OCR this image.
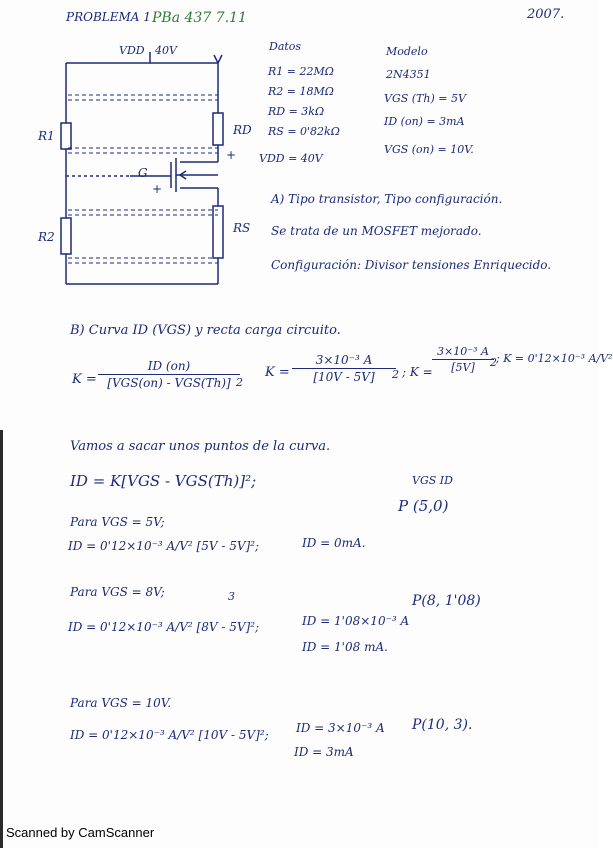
PROBLEMA 1 PBa 437 7.11	2007.
VDD 40V
R1
R2
RD
RS
G
+
+
Datos
R1 = 22MΩ
R2 = 18MΩ
RD = 3kΩ
RS = 0'82kΩ
VDD = 40V
Modelo
2N4351
VGS (Th) = 5V
ID (on) = 3mA
VGS (on) = 10V.
A) Tipo transistor, Tipo configuración.
Se trata de un MOSFET mejorado.
Configuración: Divisor tensiones Enriquecido.
B) Curva ID (VGS) y recta carga circuito.
K =
ID (on)
[VGS(on) - VGS(Th)] 2
$K = \frac{\text{3×10⁻³ A}}{[10V - 5V]}$
2 ; $K = \frac{\text{3×10⁻³ A}}{[5V]}$
2 ; K = 0'12×10⁻³ A/V²
Vamos a sacar unos puntos de la curva.
ID = K[VGS - VGS(Th)]²;	VGS ID
Para VGS = 5V;
ID = 0'12×10⁻³ A/V² [5V - 5V]²;	ID = 0mA.
P (5,0)
Para VGS = 8V;	3
ID = 0'12×10⁻³ A/V² [8V - 5V]²;	ID = 1'08×10⁻³ A
ID = 1'08 mA.
P(8, 1'08)
Para VGS = 10V.
ID = 0'12×10⁻³ A/V² [10V - 5V]²; ID = 3×10⁻³ A
ID = 3mA
P(10, 3).
Scanned by CamScanner
